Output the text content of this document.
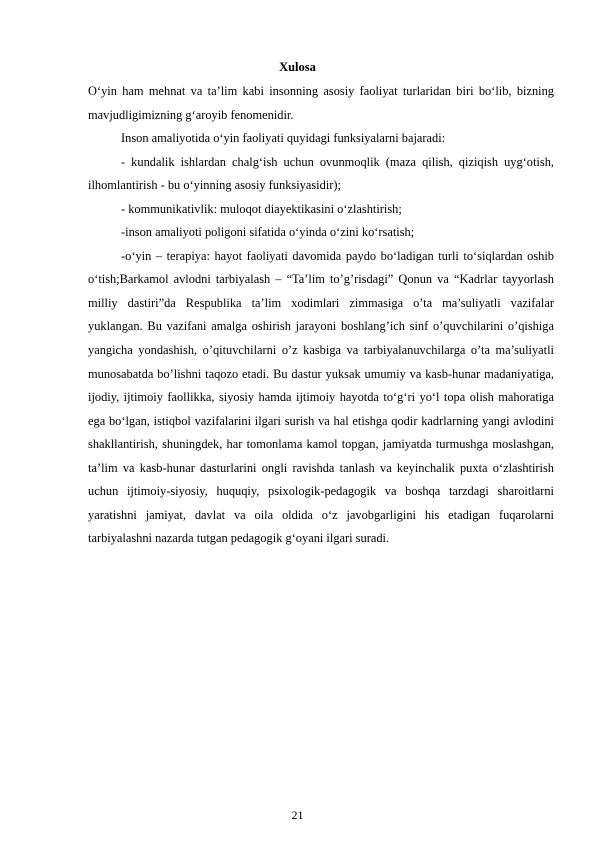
Xulosa

O‘yin ham mehnat va ta’lim kabi insonning asosiy faoliyat turlaridan biri bo‘lib, bizning mavjudligimizning g‘aroyib fenomenidir.

Inson amaliyotida o‘yin faoliyati quyidagi funksiyalarni bajaradi:

- kundalik ishlardan chalg‘ish uchun ovunmoqlik (maza qilish, qiziqish uyg‘otish, ilhomlantirish - bu o‘yinning asosiy funksiyasidir);

- kommunikativlik: muloqot diayektikasini o‘zlashtirish;

-inson amaliyoti poligoni sifatida o‘yinda o‘zini ko‘rsatish;

-o‘yin – terapiya: hayot faoliyati davomida paydo bo‘ladigan turli to‘siqlardan oshib o‘tish;Barkamol avlodni tarbiyalash – “Ta’lim to’g’risdagi” Qonun va “Kadrlar tayyorlash milliy dastiri”da Respublika ta’lim xodimlari zimmasiga o’ta ma’suliyatli vazifalar yuklangan. Bu vazifani amalga oshirish jarayoni boshlang’ich sinf o’quvchilarini o’qishiga yangicha yondashish, o’qituvchilarni o’z kasbiga va tarbiyalanuvchilarga o’ta ma’suliyatli munosabatda bo’lishni taqozo etadi. Bu dastur yuksak umumiy va kasb-hunar madaniyatiga, ijodiy, ijtimoiy faollikka, siyosiy hamda ijtimoiy hayotda to‘g‘ri yo‘l topa olish mahoratiga ega bo‘lgan, istiqbol vazifalarini ilgari surish va hal etishga qodir kadrlarning yangi avlodini shakllantirish, shuningdek, har tomonlama kamol topgan, jamiyatda turmushga moslashgan, ta’lim va kasb-hunar dasturlarini ongli ravishda tanlash va keyinchalik puxta o‘zlashtirish uchun ijtimoiy-siyosiy, huquqiy, psixologik-pedagogik va boshqa tarzdagi sharoitlarni yaratishni jamiyat, davlat va oila oldida o‘z javobgarligini his etadigan fuqarolarni tarbiyalashni nazarda tutgan pedagogik g‘oyani ilgari suradi.

21
